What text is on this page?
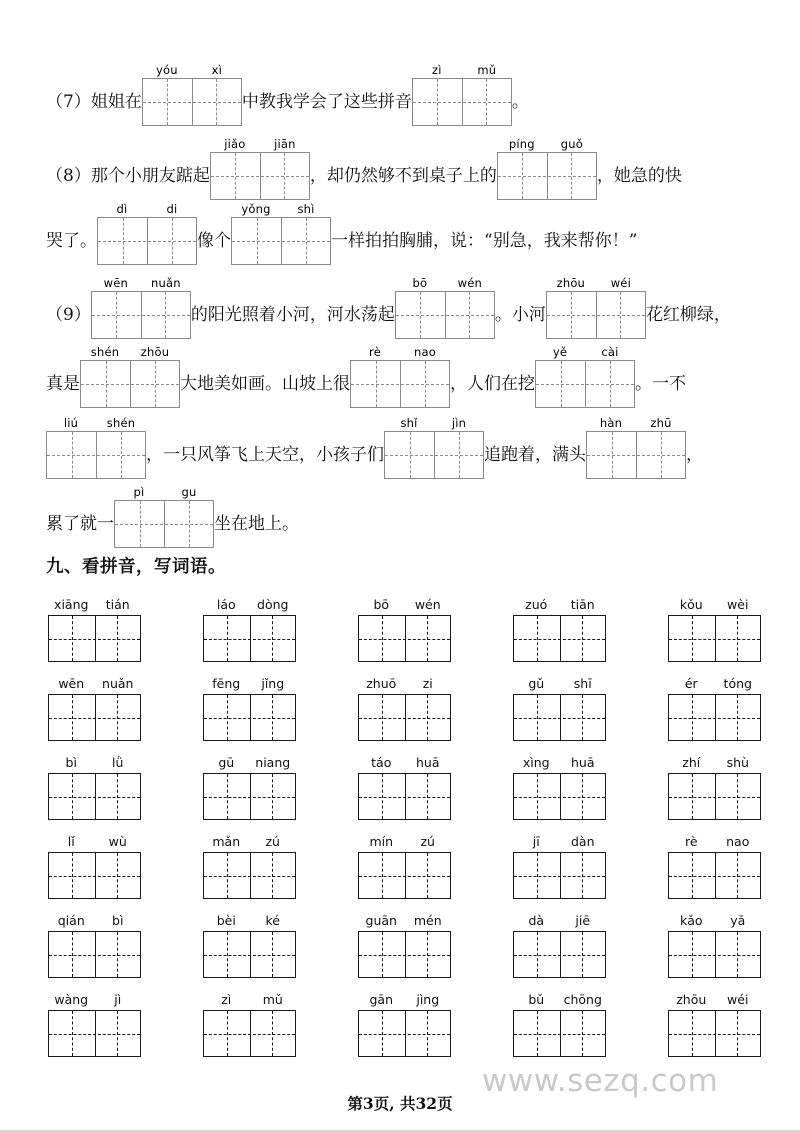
（7）姐姐在
yóu	xì
中教我学会了这些拼音
zì	mǔ
。
（8）那个小朋友踮起
jiǎo	jiān
，却仍然够不到桌子上的
píng	guǒ
，她急的快
哭了。
dì	di
像个
yǒng	shì
一样拍拍胸脯，说：“别急，我来帮你！”
（9）
wēn	nuǎn
的阳光照着小河，河水荡起
bō	wén
。小河
zhōu	wéi
花红柳绿，
真是
shén	zhōu
大地美如画。山坡上很
rè	nao
，人们在挖
yě	cài
。一不
liú	shén
，一只风筝飞上天空，小孩子们
shǐ	jìn
追跑着，满头
hàn	zhū
，
累了就一
pì	gu
坐在地上。
九、看拼音，写词语。
xiāng	tián	láo	dòng	bō	wén	zuó	tiān	kǒu	wèi
wēn	nuǎn	fēng	jǐng	zhuō	zi	gǔ	shī	ér	tóng
bì	lǜ	gū	niang	táo	huā	xìng	huā	zhí	shù
lǐ	wù	mǎn	zú	mín	zú	jī	dàn	rè	nao
qián	bì	bèi	ké	guān	mén	dà	jiē	kǎo	yā
wàng	jì	zì	mǔ	gān	jìng	bǔ	chōng	zhōu	wéi
www.sezq.com
第3页, 共32页
